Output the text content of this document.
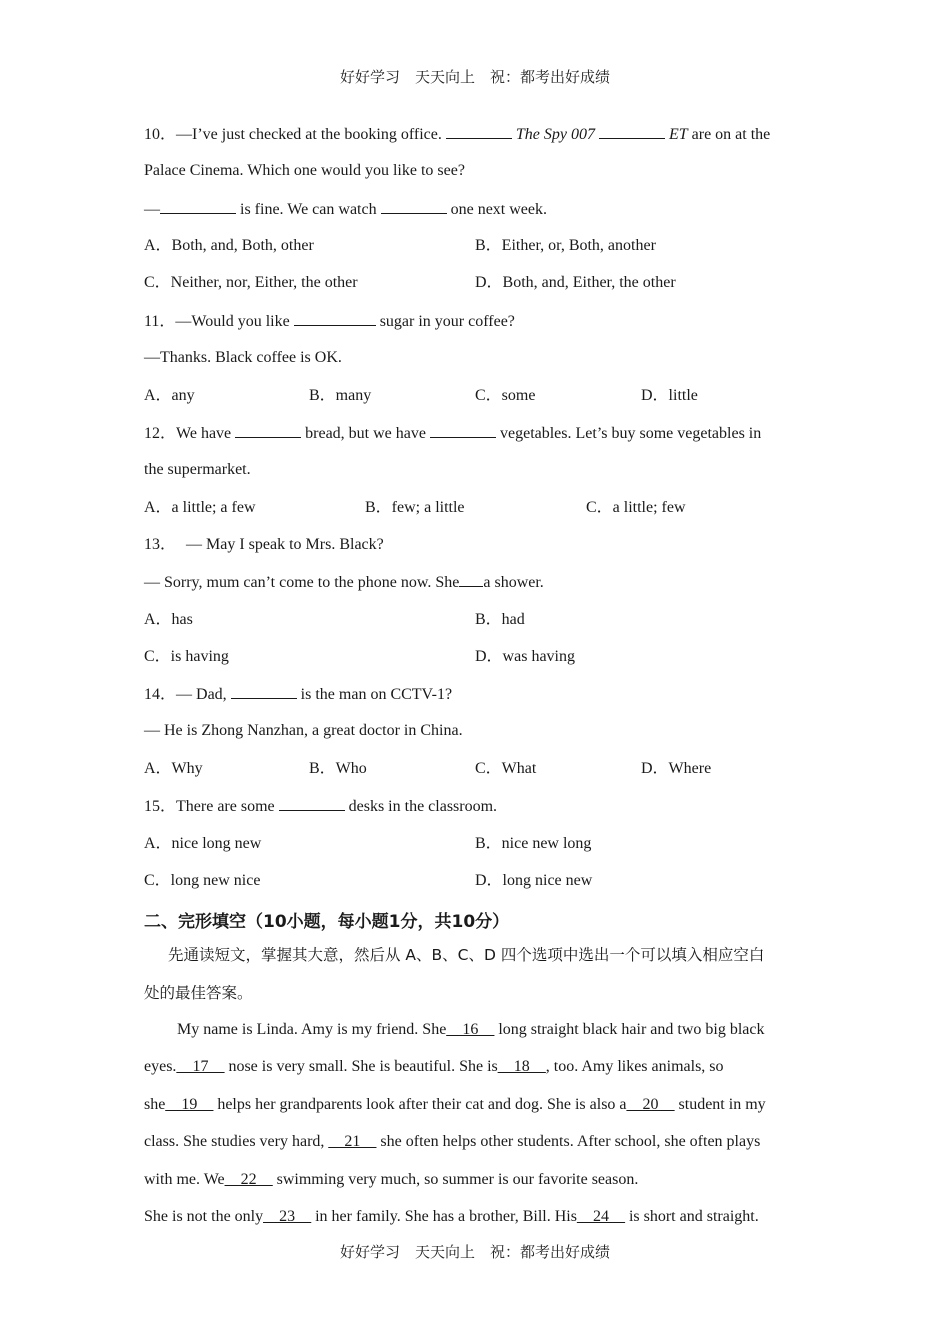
好好学习　天天向上　祝：都考出好成绩
10．—I’ve just checked at the booking office.	The Spy 007	ET are on at the
Palace Cinema. Which one would you like to see?
—	is fine. We can watch	one next week.
A．Both, and, Both, other	B．Either, or, Both, another
C．Neither, nor, Either, the other	D．Both, and, Either, the other
11．—Would you like	sugar in your coffee?
—Thanks. Black coffee is OK.
A．any	B．many	C．some	D．little
12．We have	bread, but we have	vegetables. Let’s buy some vegetables in
the supermarket.
A．a little; a few	B．few; a little	C．a little; few
13． — May I speak to Mrs. Black?
— Sorry, mum can’t come to the phone now. She a shower.
A．has	B．had
C．is having	D．was having
14．— Dad,	is the man on CCTV-1?
— He is Zhong Nanzhan, a great doctor in China.
A．Why	B．Who	C．What	D．Where
15．There are some	desks in the classroom.
A．nice long new	B．nice new long
C．long new nice	D．long nice new
二、完形填空（10小题，每小题1分，共10分）
先通读短文，掌握其大意，然后从 A、B、C、D 四个选项中选出一个可以填入相应空白
处的最佳答案。
My name is Linda. Amy is my friend. She__16__ long straight black hair and two big black
eyes.__17__ nose is very small. She is beautiful. She is__18__, too. Amy likes animals, so
she__19__ helps her grandparents look after their cat and dog. She is also a__20__ student in my
class. She studies very hard, __21__ she often helps other students. After school, she often plays
with me. We__22__ swimming very much, so summer is our favorite season.
She is not the only__23__ in her family. She has a brother, Bill. His__24__ is short and straight.
好好学习　天天向上　祝：都考出好成绩
